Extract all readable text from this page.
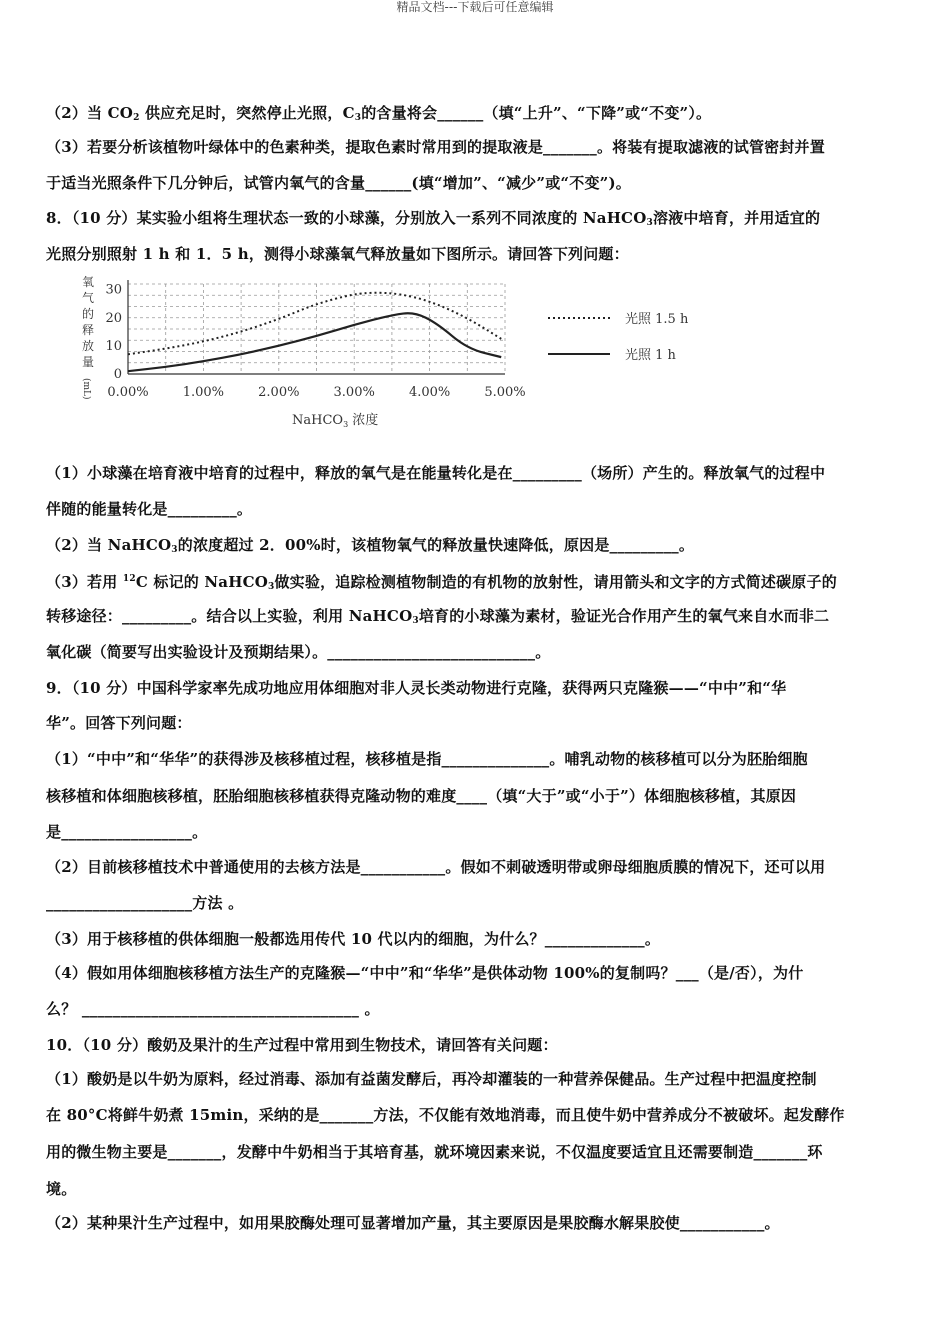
精品文档---下载后可任意编辑
（2）当 $CO_2$ 供应充足时，突然停止光照，$C_3$的含量将会______（填“上升”、“下降”或“不变”）。
（3）若要分析该植物叶绿体中的色素种类，提取色素时常用到的提取液是_______。将装有提取滤液的试管密封并置
于适当光照条件下几分钟后，试管内氧气的含量______(填“增加”、“减少”或“不变”)。
8．（10 分）某实验小组将生理状态一致的小球藻，分别放入一系列不同浓度的 NaHCO$_3$溶液中培育，并用适宜的
光照分别照射 1 h 和 1．5 h，测得小球藻氧气释放量如下图所示。请回答下列问题：
氧
气
的
释
放
量
(mL)
0
10
20
30
0.00%	1.00%	2.00%	3.00%	4.00%	5.00%
NaHCO$_3$ 浓度
光照 1.5 h
光照 1 h
（1）小球藻在培育液中培育的过程中，释放的氧气是在能量转化是在_________（场所）产生的。释放氧气的过程中
伴随的能量转化是_________。
（2）当 NaHCO$_3$的浓度超过 2．00%时，该植物氧气的释放量快速降低，原因是_________。
（3）若用 $^{12}$C 标记的 NaHCO$_3$做实验，追踪检测植物制造的有机物的放射性，请用箭头和文字的方式简述碳原子的
转移途径：_________。结合以上实验，利用 NaHCO$_3$培育的小球藻为素材，验证光合作用产生的氧气来自水而非二
氧化碳（简要写出实验设计及预期结果）。___________________________。
9．（10 分）中国科学家率先成功地应用体细胞对非人灵长类动物进行克隆，获得两只克隆猴——“中中”和“华
华”。回答下列问题：
（1）“中中”和“华华”的获得涉及核移植过程，核移植是指______________。哺乳动物的核移植可以分为胚胎细胞
核移植和体细胞核移植，胚胎细胞核移植获得克隆动物的难度____（填“大于”或“小于”）体细胞核移植，其原因
是_________________。
（2）目前核移植技术中普通使用的去核方法是___________。假如不刺破透明带或卵母细胞质膜的情况下，还可以用
___________________方法 。
（3）用于核移植的供体细胞一般都选用传代 10 代以内的细胞，为什么？_____________。
（4）假如用体细胞核移植方法生产的克隆猴—“中中”和“华华”是供体动物 100%的复制吗？___（是/否），为什
么？ ____________________________________ 。
10．（10 分）酸奶及果汁的生产过程中常用到生物技术，请回答有关问题：
（1）酸奶是以牛奶为原料，经过消毒、添加有益菌发酵后，再冷却灌装的一种营养保健品。生产过程中把温度控制
在 80°C将鲜牛奶煮 15min，采纳的是_______方法，不仅能有效地消毒，而且使牛奶中营养成分不被破坏。起发酵作
用的微生物主要是_______，发酵中牛奶相当于其培育基，就环境因素来说，不仅温度要适宜且还需要制造_______环
境。
（2）某种果汁生产过程中，如用果胶酶处理可显著增加产量，其主要原因是果胶酶水解果胶使___________。
